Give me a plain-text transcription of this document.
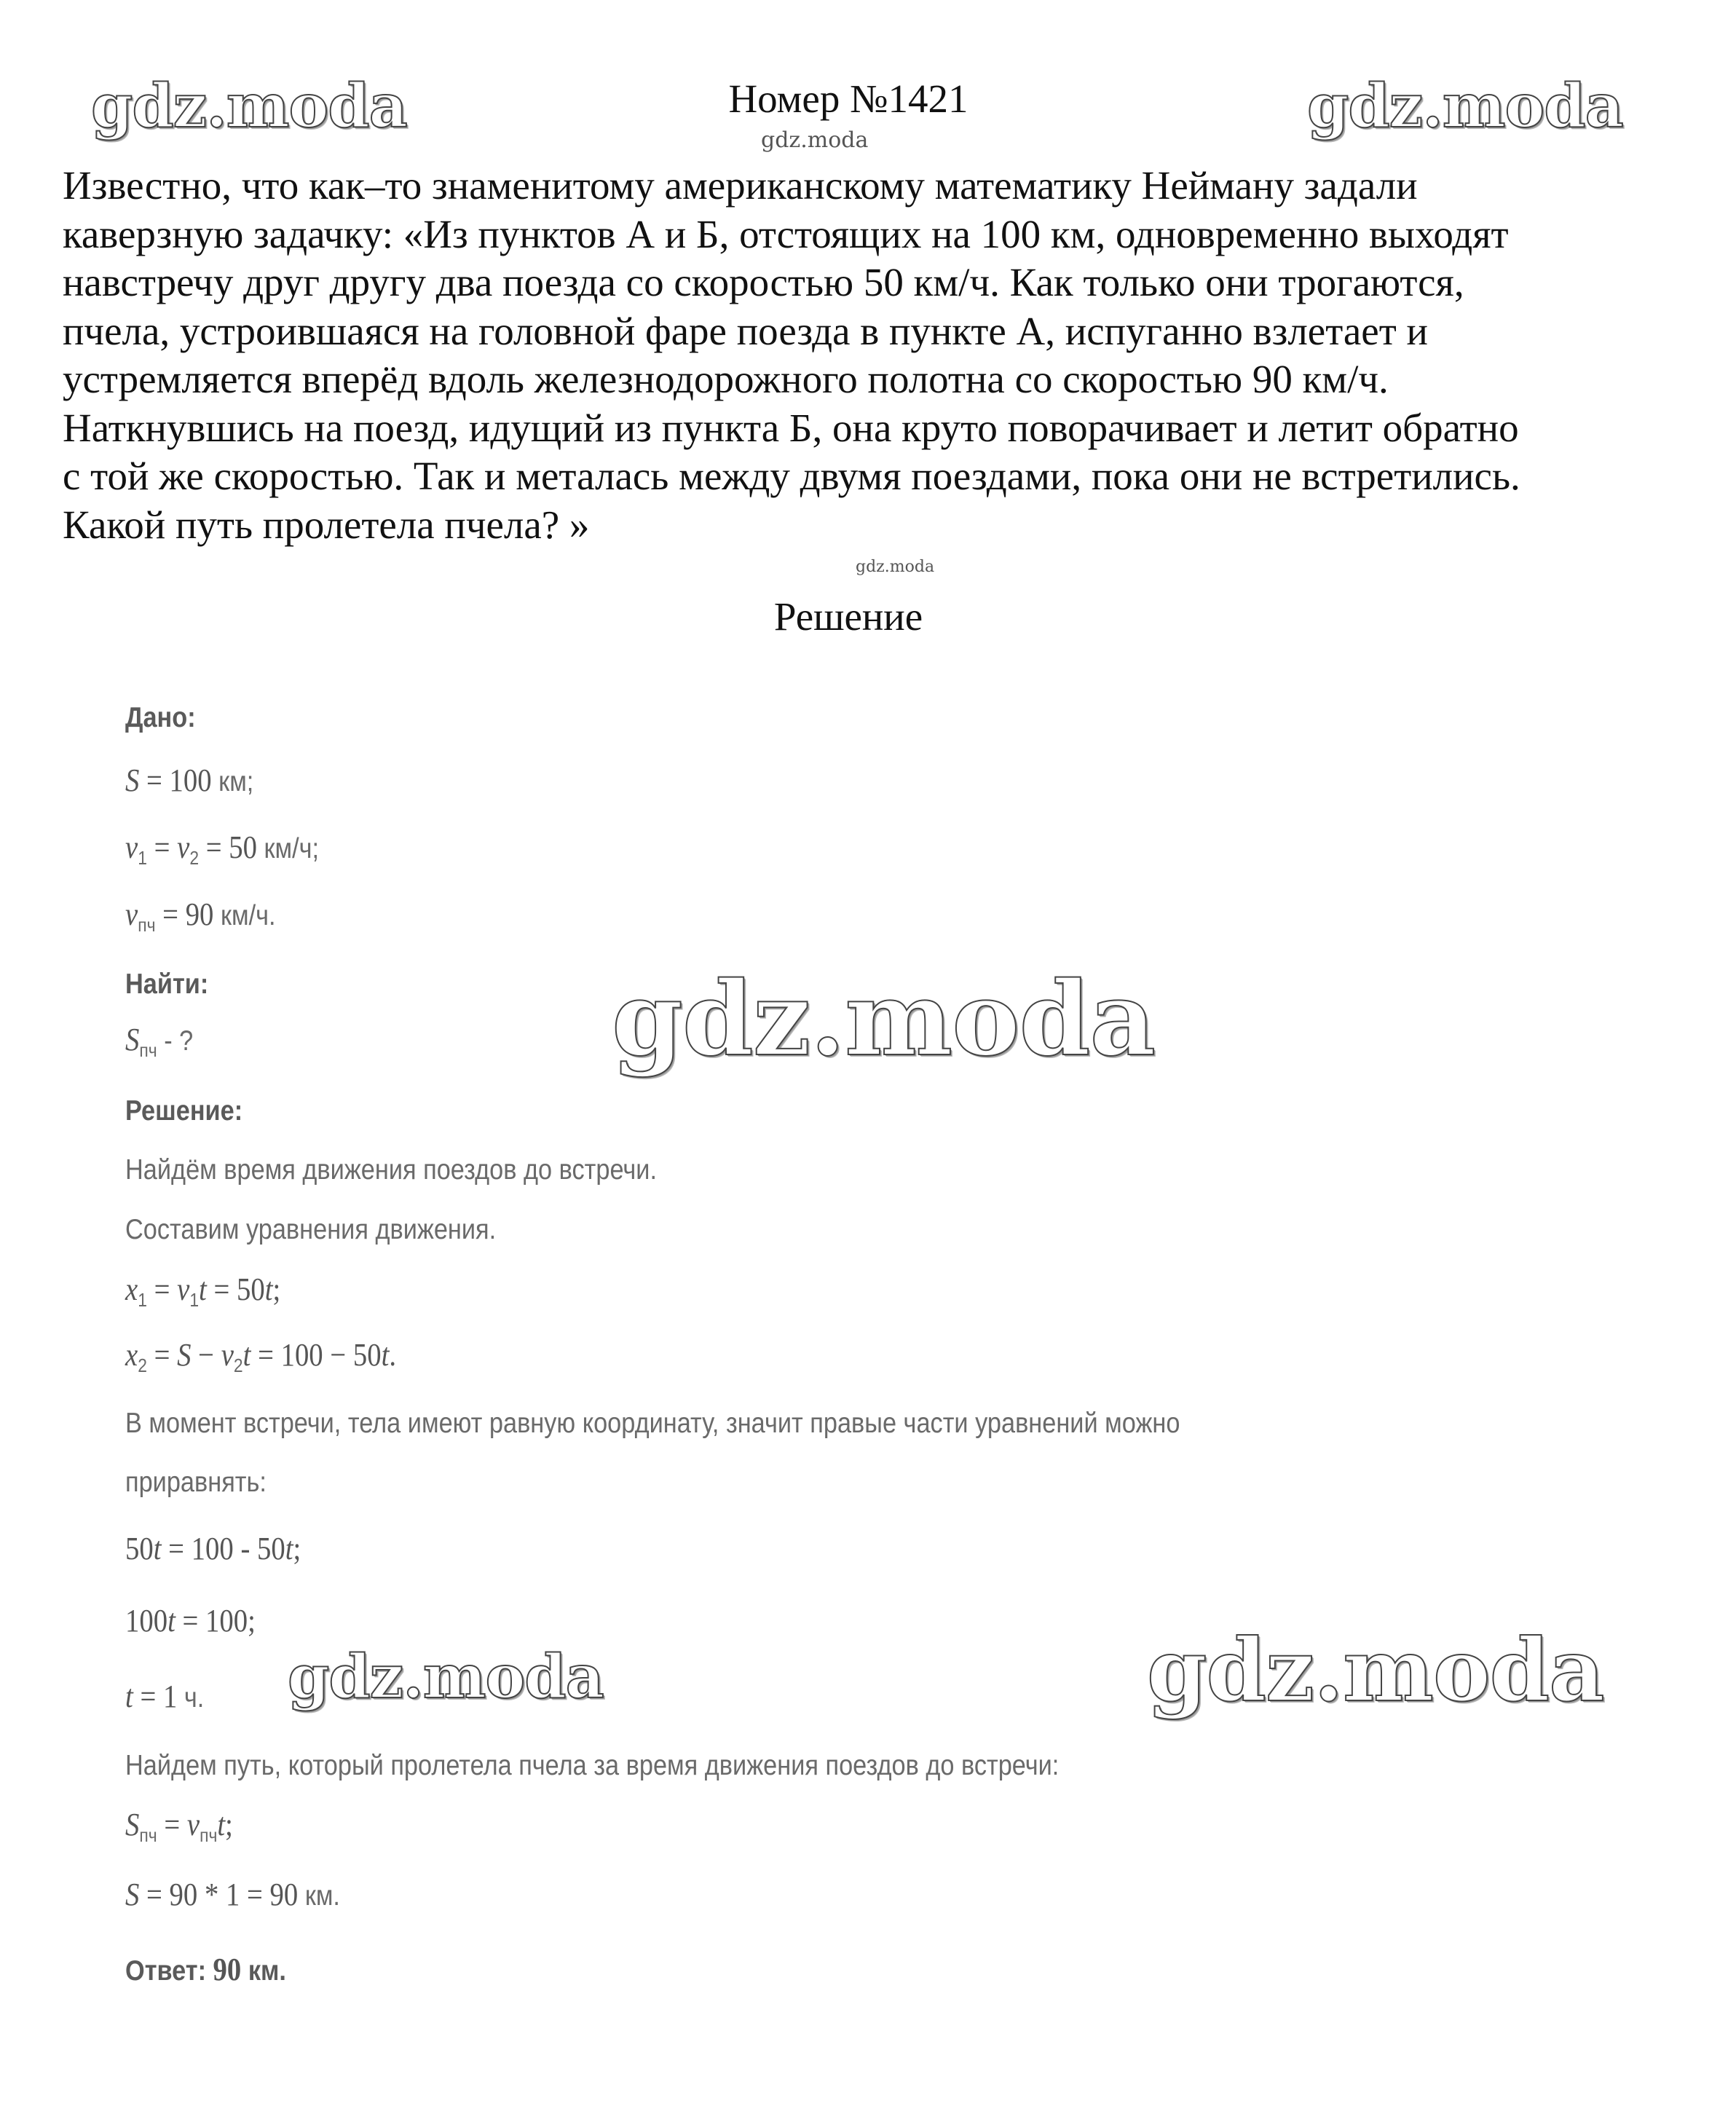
Номер №1421
Известно, что как–то знаменитому американскому математику Нейману задали
каверзную задачку: «Из пунктов А и Б, отстоящих на 100 км, одновременно выходят
навстречу друг другу два поезда со скоростью 50 км/ч. Как только они трогаются,
пчела, устроившаяся на головной фаре поезда в пункте А, испуганно взлетает и
устремляется вперёд вдоль железнодорожного полотна со скоростью 90 км/ч.
Наткнувшись на поезд, идущий из пункта Б, она круто поворачивает и летит обратно
с той же скоростью. Так и металась между двумя поездами, пока они не встретились.
Какой путь пролетела пчела? »
Решение
Дано:
S = 100 км;
$v_1 = v_2 = 50$ км/ч;
$v_{пч} = 90$ км/ч.
Найти:
$S_{пч}$ - ?
Решение:
Найдём время движения поездов до встречи.
Составим уравнения движения.
$x_1 = v_1t = 50t$;
$x_2 = S - v_2t = 100 - 50t$.
В момент встречи, тела имеют равную координату, значит правые части уравнений можно
приравнять:
50t = 100 - 50t;
100t = 100;
t = 1 ч.
Найдем путь, который пролетела пчела за время движения поездов до встречи:
$S_{пч} = v_{пч}t$;
S = 90 * 1 = 90 км.
Ответ: 90 км.
gdz.moda	gdz.moda
gdz.moda
gdz.moda
gdz.moda
gdz.moda	gdz.moda
